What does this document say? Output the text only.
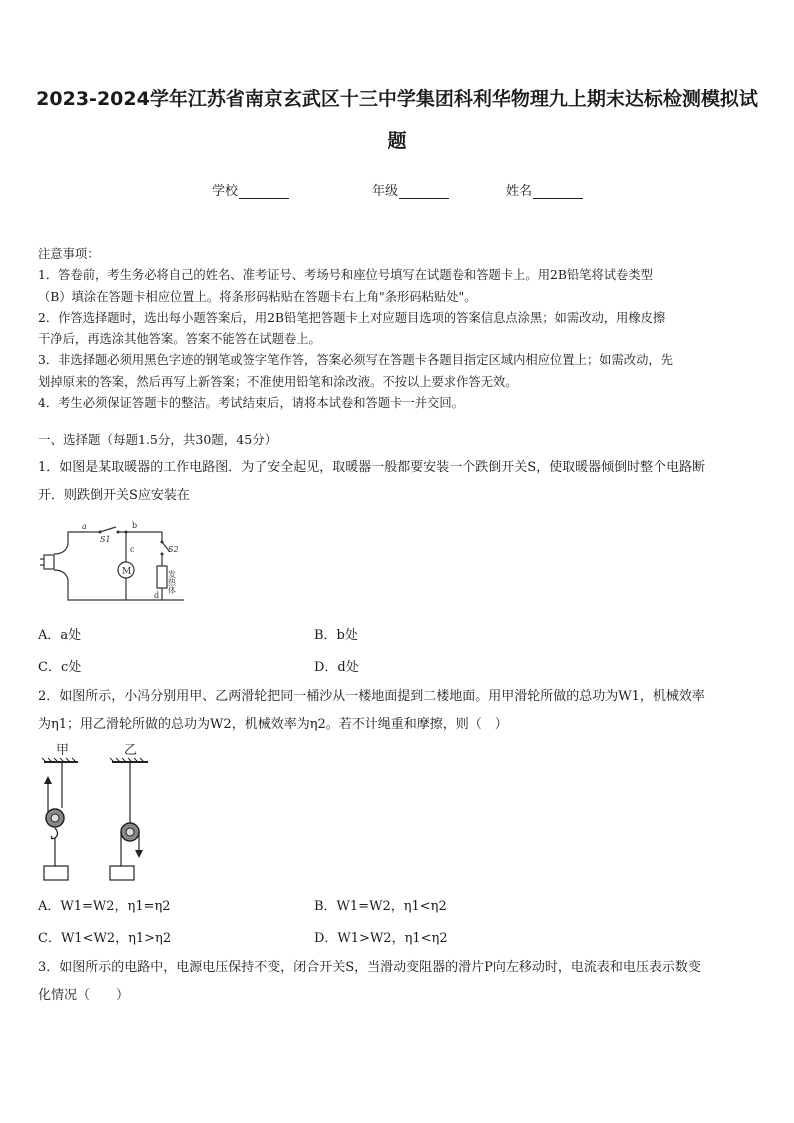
2023-2024学年江苏省南京玄武区十三中学集团科利华物理九上期末达标检测模拟试
题
学校	年级	姓名

注意事项：

1．答卷前，考生务必将自己的姓名、准考证号、考场号和座位号填写在试题卷和答题卡上。用2B铅笔将试卷类型

（B）填涂在答题卡相应位置上。将条形码粘贴在答题卡右上角"条形码粘贴处"。

2．作答选择题时，选出每小题答案后，用2B铅笔把答题卡上对应题目选项的答案信息点涂黑；如需改动，用橡皮擦

干净后，再选涂其他答案。答案不能答在试题卷上。

3．非选择题必须用黑色字迹的钢笔或签字笔作答，答案必须写在答题卡各题目指定区域内相应位置上；如需改动，先

划掉原来的答案，然后再写上新答案；不准使用铅笔和涂改液。不按以上要求作答无效。

4．考生必须保证答题卡的整洁。考试结束后，请将本试卷和答题卡一并交回。

一、选择题（每题1.5分，共30题，45分）

1．如图是某取暖器的工作电路图．为了安全起见，取暖器一般都要安装一个跌倒开关S，使取暖器倾倒时整个电路断

开．则跌倒开关S应安装在

a
S1
b
M
c	S2
d
发热体
A．a处	B．b处
C．c处	D．d处

2．如图所示，小冯分别用甲、乙两滑轮把同一桶沙从一楼地面提到二楼地面。用甲滑轮所做的总功为W1，机械效率

为η1；用乙滑轮所做的总功为W2，机械效率为η2。若不计绳重和摩擦，则（　）

甲	乙
A．W1=W2，η1=η2	B．W1=W2，η1<η2
C．W1<W2，η1>η2	D．W1>W2，η1<η2

3．如图所示的电路中，电源电压保持不变，闭合开关S，当滑动变阻器的滑片P向左移动时，电流表和电压表示数变

化情况（　　）
